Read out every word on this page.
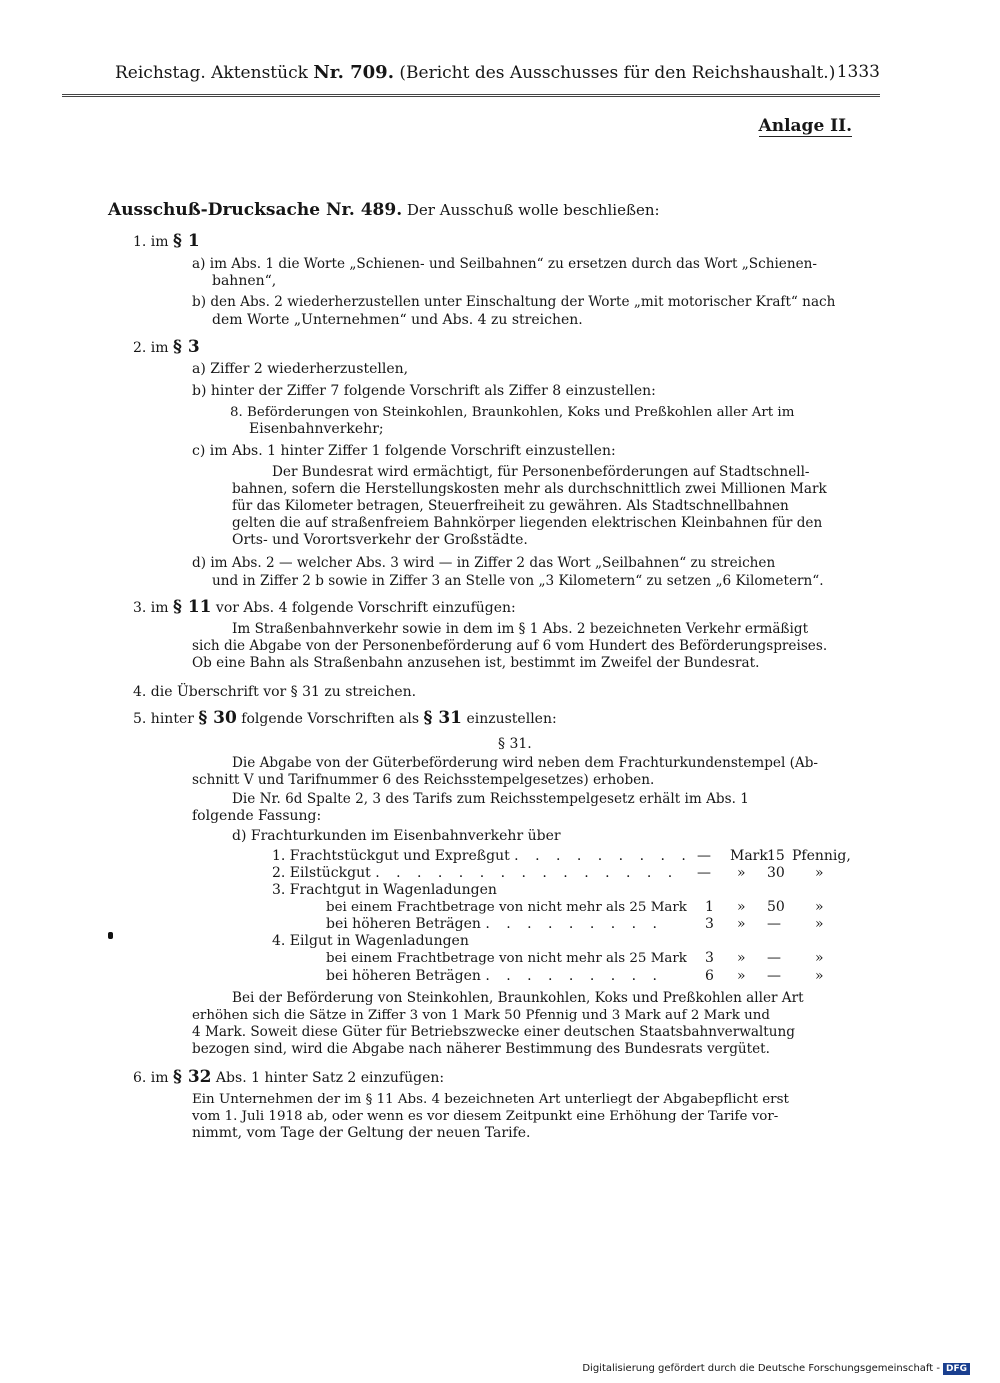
Reichstag. Aktenstück Nr. 709. (Bericht des Ausschusses für den Reichshaushalt.) 1333
Anlage II.
Ausschuß-Drucksache Nr. 489. Der Ausschuß wolle beschließen:
1. im § 1
a) im Abs. 1 die Worte „Schienen- und Seilbahnen“ zu ersetzen durch das Wort „Schienen-
bahnen“,
b) den Abs. 2 wiederherzustellen unter Einschaltung der Worte „mit motorischer Kraft“ nach
dem Worte „Unternehmen“ und Abs. 4 zu streichen.
2. im § 3
a) Ziffer 2 wiederherzustellen,
b) hinter der Ziffer 7 folgende Vorschrift als Ziffer 8 einzustellen:
8. Beförderungen von Steinkohlen, Braunkohlen, Koks und Preßkohlen aller Art im
Eisenbahnverkehr;
c) im Abs. 1 hinter Ziffer 1 folgende Vorschrift einzustellen:
Der Bundesrat wird ermächtigt, für Personenbeförderungen auf Stadtschnell-
bahnen, sofern die Herstellungskosten mehr als durchschnittlich zwei Millionen Mark
für das Kilometer betragen, Steuerfreiheit zu gewähren. Als Stadtschnellbahnen
gelten die auf straßenfreiem Bahnkörper liegenden elektrischen Kleinbahnen für den
Orts- und Vorortsverkehr der Großstädte.
d) im Abs. 2 — welcher Abs. 3 wird — in Ziffer 2 das Wort „Seilbahnen“ zu streichen
und in Ziffer 2 b sowie in Ziffer 3 an Stelle von „3 Kilometern“ zu setzen „6 Kilometern“.
3. im § 11 vor Abs. 4 folgende Vorschrift einzufügen:
Im Straßenbahnverkehr sowie in dem im § 1 Abs. 2 bezeichneten Verkehr ermäßigt
sich die Abgabe von der Personenbeförderung auf 6 vom Hundert des Beförderungspreises.
Ob eine Bahn als Straßenbahn anzusehen ist, bestimmt im Zweifel der Bundesrat.
4. die Überschrift vor § 31 zu streichen.
5. hinter § 30 folgende Vorschriften als § 31 einzustellen:
§ 31.
Die Abgabe von der Güterbeförderung wird neben dem Frachturkundenstempel (Ab-
schnitt V und Tarifnummer 6 des Reichsstempelgesetzes) erhoben.
Die Nr. 6d Spalte 2, 3 des Tarifs zum Reichsstempelgesetz erhält im Abs. 1
folgende Fassung:
d) Frachturkunden im Eisenbahnverkehr über
1. Frachtstückgut und Expreßgut . . . . . . . . .
2. Eilstückgut . . . . . . . . . . . . . . .
3. Frachtgut in Wagenladungen
bei einem Frachtbetrage von nicht mehr als 25 Mark
bei höheren Beträgen . . . . . . . . .
4. Eilgut in Wagenladungen
bei einem Frachtbetrage von nicht mehr als 25 Mark
bei höheren Beträgen . . . . . . . . .
— Mark 15 Pfennig,
— » 30 »
1 » 50 »
3 » — »
3 » — »
6 » — »
Bei der Beförderung von Steinkohlen, Braunkohlen, Koks und Preßkohlen aller Art
erhöhen sich die Sätze in Ziffer 3 von 1 Mark 50 Pfennig und 3 Mark auf 2 Mark und
4 Mark. Soweit diese Güter für Betriebszwecke einer deutschen Staatsbahnverwaltung
bezogen sind, wird die Abgabe nach näherer Bestimmung des Bundesrats vergütet.
6. im § 32 Abs. 1 hinter Satz 2 einzufügen:
Ein Unternehmen der im § 11 Abs. 4 bezeichneten Art unterliegt der Abgabepflicht erst
vom 1. Juli 1918 ab, oder wenn es vor diesem Zeitpunkt eine Erhöhung der Tarife vor-
nimmt, vom Tage der Geltung der neuen Tarife.
Digitalisierung gefördert durch die Deutsche Forschungsgemeinschaft - DFG
